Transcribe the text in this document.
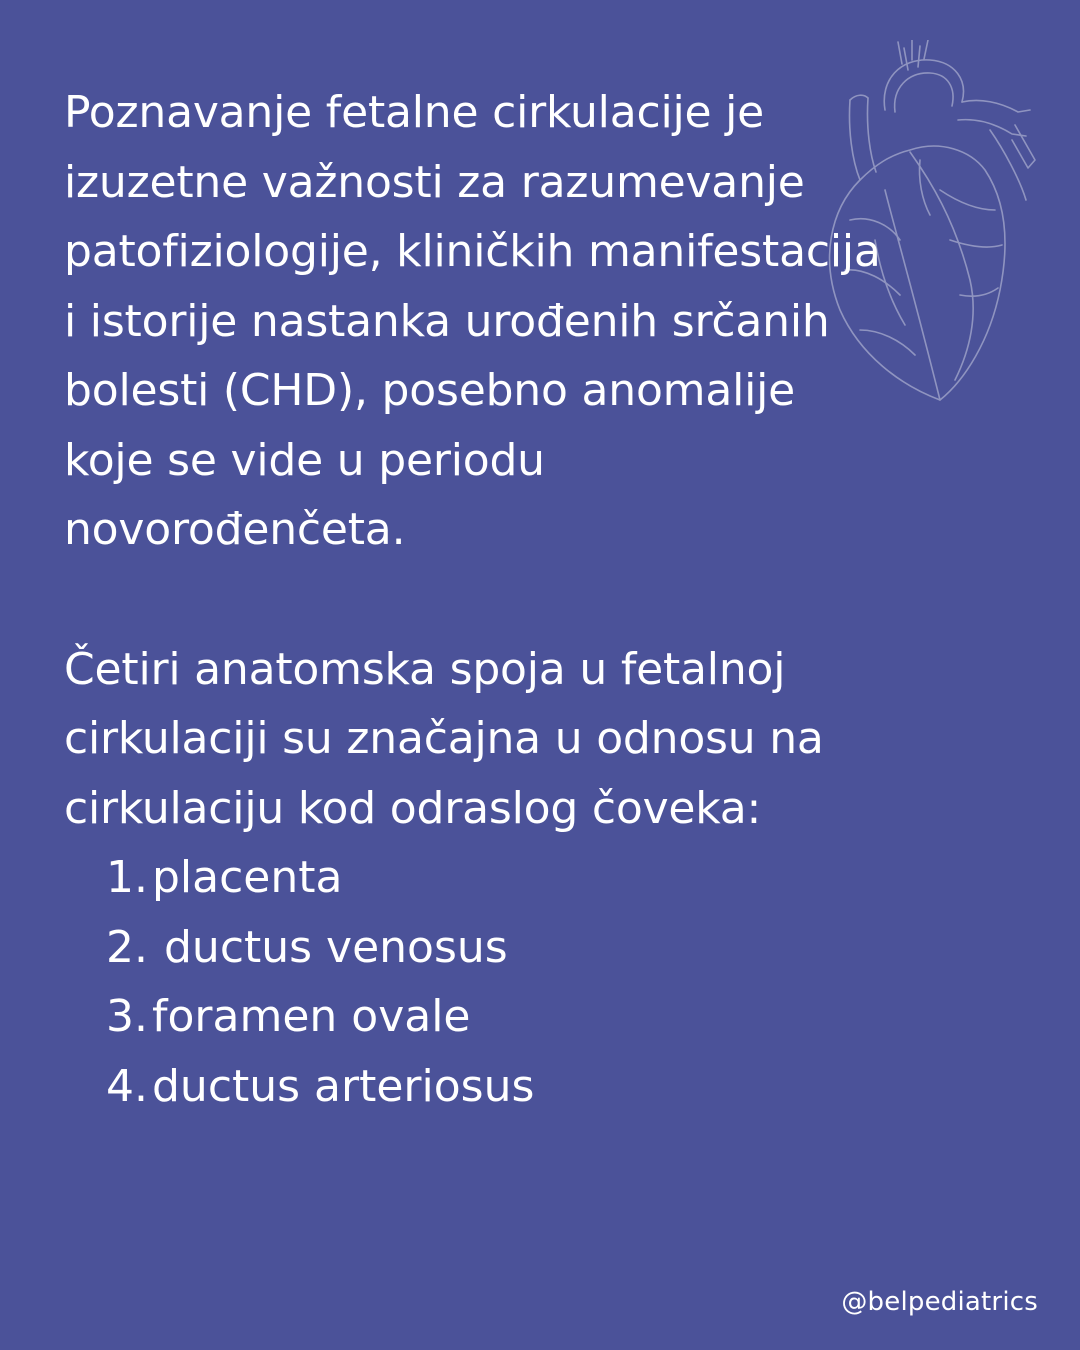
Poznavanje fetalne cirkulacije je
izuzetne važnosti za razumevanje
patofiziologije, kliničkih manifestacija
i istorije nastanka urođenih srčanih
bolesti (CHD), posebno anomalije
koje se vide u periodu
novorođenčeta.

Četiri anatomska spoja u fetalnoj
cirkulaciji su značajna u odnosu na
cirkulaciju kod odraslog čoveka:

1. placenta
2. ductus venosus
3. foramen ovale
4. ductus arteriosus
@belpediatrics
